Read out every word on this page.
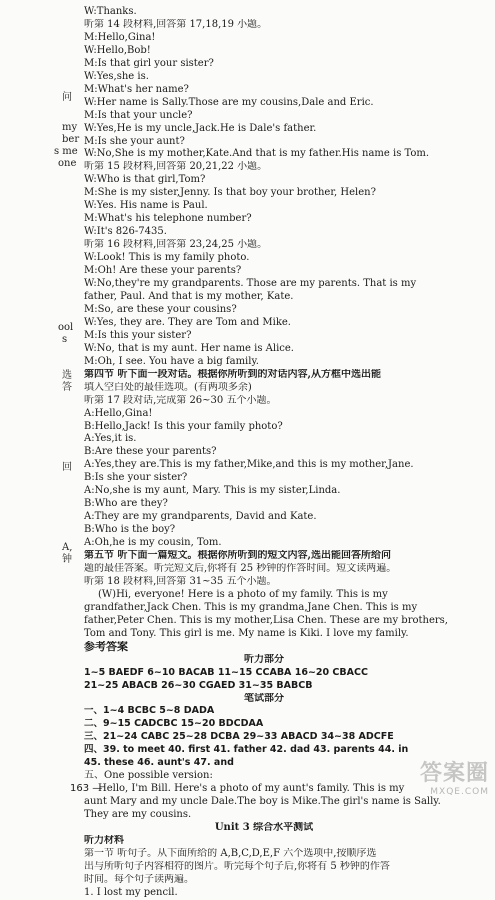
问
my
ber
s me
one
ool
s
选
答
回
A,
钟
W:Thanks.
听第 14 段材料,回答第 17,18,19 小题。
M:Hello,Gina!
W:Hello,Bob!
M:Is that girl your sister?
W:Yes,she is.
M:What's her name?
W:Her name is Sally.Those are my cousins,Dale and Eric.
M:Is that your uncle?
W:Yes,He is my uncle,Jack.He is Dale's father.
M:Is she your aunt?
W:No,She is my mother,Kate.And that is my father.His name is Tom.
听第 15 段材料,回答第 20,21,22 小题。
W:Who is that girl,Tom?
M:She is my sister,Jenny. Is that boy your brother, Helen?
W:Yes. His name is Paul.
M:What's his telephone number?
W:It's 826-7435.
听第 16 段材料,回答第 23,24,25 小题。
W:Look! This is my family photo.
M:Oh! Are these your parents?
W:No,they're my grandparents. Those are my parents. That is my
father, Paul. And that is my mother, Kate.
M:So, are these your cousins?
W:Yes, they are. They are Tom and Mike.
M:Is this your sister?
W:No, that is my aunt. Her name is Alice.
M:Oh, I see. You have a big family.
第四节 听下面一段对话。根据你所听到的对话内容,从方框中选出能
填入空白处的最佳选项。(有两项多余)
听第 17 段对话,完成第 26~30 五个小题。
A:Hello,Gina!
B:Hello,Jack! Is this your family photo?
A:Yes,it is.
B:Are these your parents?
A:Yes,they are.This is my father,Mike,and this is my mother,Jane.
B:Is she your sister?
A:No,she is my aunt, Mary. This is my sister,Linda.
B:Who are they?
A:They are my grandparents, David and Kate.
B:Who is the boy?
A:Oh,he is my cousin, Tom.
第五节 听下面一篇短文。根据你所听到的短文内容,选出能回答所给问
题的最佳答案。听完短文后,你将有 25 秒钟的作答时间。短文读两遍。
听第 18 段材料,回答第 31~35 五个小题。
(W)Hi, everyone! Here is a photo of my family. This is my
grandfather,Jack Chen. This is my grandma,Jane Chen. This is my
father,Peter Chen. This is my mother,Lisa Chen. These are my brothers,
Tom and Tony. This girl is me. My name is Kiki. I love my family.
参考答案
听力部分
1~5 BAEDF 6~10 BACAB 11~15 CCABA 16~20 CBACC
21~25 ABACB 26~30 CGAED 31~35 BABCB
笔试部分
一、1~4 BCBC 5~8 DADA
二、9~15 CADCBC 15~20 BDCDAA
三、21~24 CABC 25~28 DCBA 29~33 ABACD 34~38 ADCFE
四、39. to meet 40. first 41. father 42. dad 43. parents 44. in
45. these 46. aunt's 47. and
五、One possible version:
Hello, I'm Bill. Here's a photo of my aunt's family. This is my
aunt Mary and my uncle Dale.The boy is Mike.The girl's name is Sally.
They are my cousins.
Unit 3 综合水平测试
听力材料
第一节 听句子。从下面所给的 A,B,C,D,E,F 六个选项中,按顺序选
出与所听句子内容相符的图片。听完每个句子后,你将有 5 秒钟的作答
时间。每个句子读两遍。
1. I lost my pencil.
163 —
答案圈
MXQE.COM
